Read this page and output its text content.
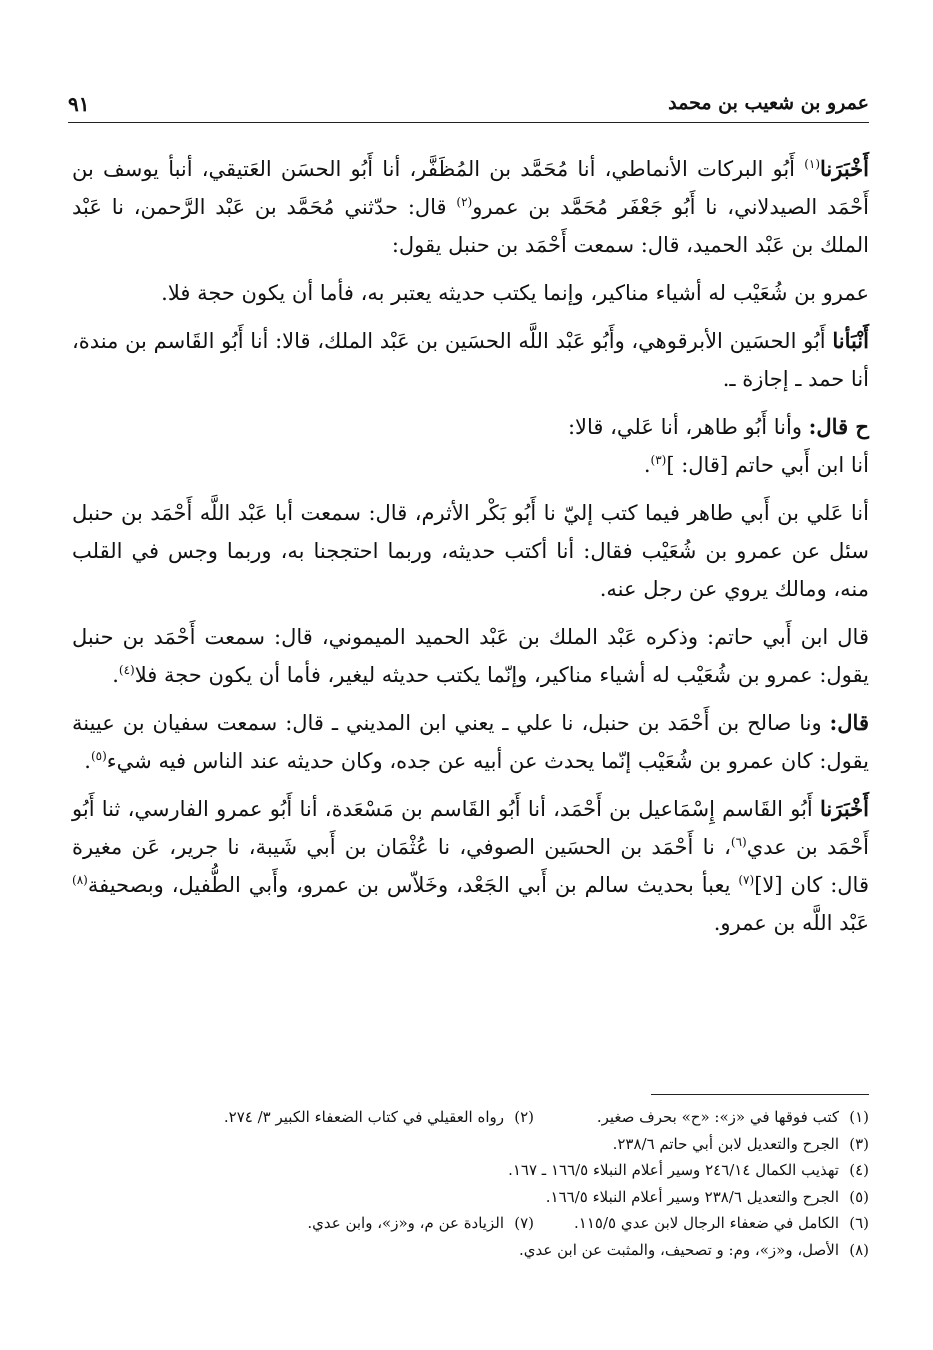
عمرو بن شعيب بن محمد
٩١

أَخْبَرَنا$^{(١)}$ أَبُو البركات الأنماطي، أنا مُحَمَّد بن المُظَفَّر، أنا أَبُو الحسَن العَتيقي، أنبأ يوسف بن أَحْمَد الصيدلاني، نا أَبُو جَعْفَر مُحَمَّد بن عمرو$^{(٢)}$ قال: حدّثني مُحَمَّد بن عَبْد الرَّحمن، نا عَبْد الملك بن عَبْد الحميد، قال: سمعت أَحْمَد بن حنبل يقول:

عمرو بن شُعَيْب له أشياء مناكير، وإنما يكتب حديثه يعتبر به، فأما أن يكون حجة فلا.

أَنْبَأنا أَبُو الحسَين الأبرقوهي، وأَبُو عَبْد اللَّه الحسَين بن عَبْد الملك، قالا: أنا أَبُو القَاسم بن مندة، أنا حمد ـ إجازة ـ.

ح قال: وأنا أَبُو طاهر، أنا عَلي، قالا:

أنا ابن أَبي حاتم [قال: ]$^{(٣)}$.

أنا عَلي بن أَبي طاهر فيما كتب إليّ نا أَبُو بَكْر الأثرم، قال: سمعت أبا عَبْد اللَّه أَحْمَد بن حنبل سئل عن عمرو بن شُعَيْب فقال: أنا أكتب حديثه، وربما احتججنا به، وربما وجس في القلب منه، ومالك يروي عن رجل عنه.

قال ابن أَبي حاتم: وذكره عَبْد الملك بن عَبْد الحميد الميموني، قال: سمعت أَحْمَد بن حنبل يقول: عمرو بن شُعَيْب له أشياء مناكير، وإنّما يكتب حديثه ليغير، فأما أن يكون حجة فلا$^{(٤)}$.

قال: ونا صالح بن أَحْمَد بن حنبل، نا علي ـ يعني ابن المديني ـ قال: سمعت سفيان بن عيينة يقول: كان عمرو بن شُعَيْب إنّما يحدث عن أبيه عن جده، وكان حديثه عند الناس فيه شيء$^{(٥)}$.

أَخْبَرَنا أَبُو القَاسم إِسْمَاعيل بن أَحْمَد، أنا أَبُو القَاسم بن مَسْعَدة، أنا أَبُو عمرو الفارسي، ثنا أَبُو أَحْمَد بن عدي$^{(٦)}$، نا أَحْمَد بن الحسَين الصوفي، نا عُثْمَان بن أَبي شَيبة، نا جرير، عَن مغيرة قال: كان [لا]$^{(٧)}$ يعبأ بحديث سالم بن أَبي الجَعْد، وخَلاّس بن عمرو، وأَبي الطُّفيل، وبصحيفة$^{(٨)}$ عَبْد اللَّه بن عمرو.

(١)كتب فوقها في «ز»: «ح» بحرف صغير.
(٢)رواه العقيلي في كتاب الضعفاء الكبير ٣/ ٢٧٤.
(٣)الجرح والتعديل لابن أبي حاتم ٢٣٨/٦.
(٤)تهذيب الكمال ٢٤٦/١٤ وسير أعلام النبلاء ١٦٦/٥ ـ ١٦٧.
(٥)الجرح والتعديل ٢٣٨/٦ وسير أعلام النبلاء ١٦٦/٥.
(٦)الكامل في ضعفاء الرجال لابن عدي ١١٥/٥.
(٧)الزيادة عن م، و«ز»، وابن عدي.
(٨)الأصل، و«ز»، وم: و تصحيف، والمثبت عن ابن عدي.
